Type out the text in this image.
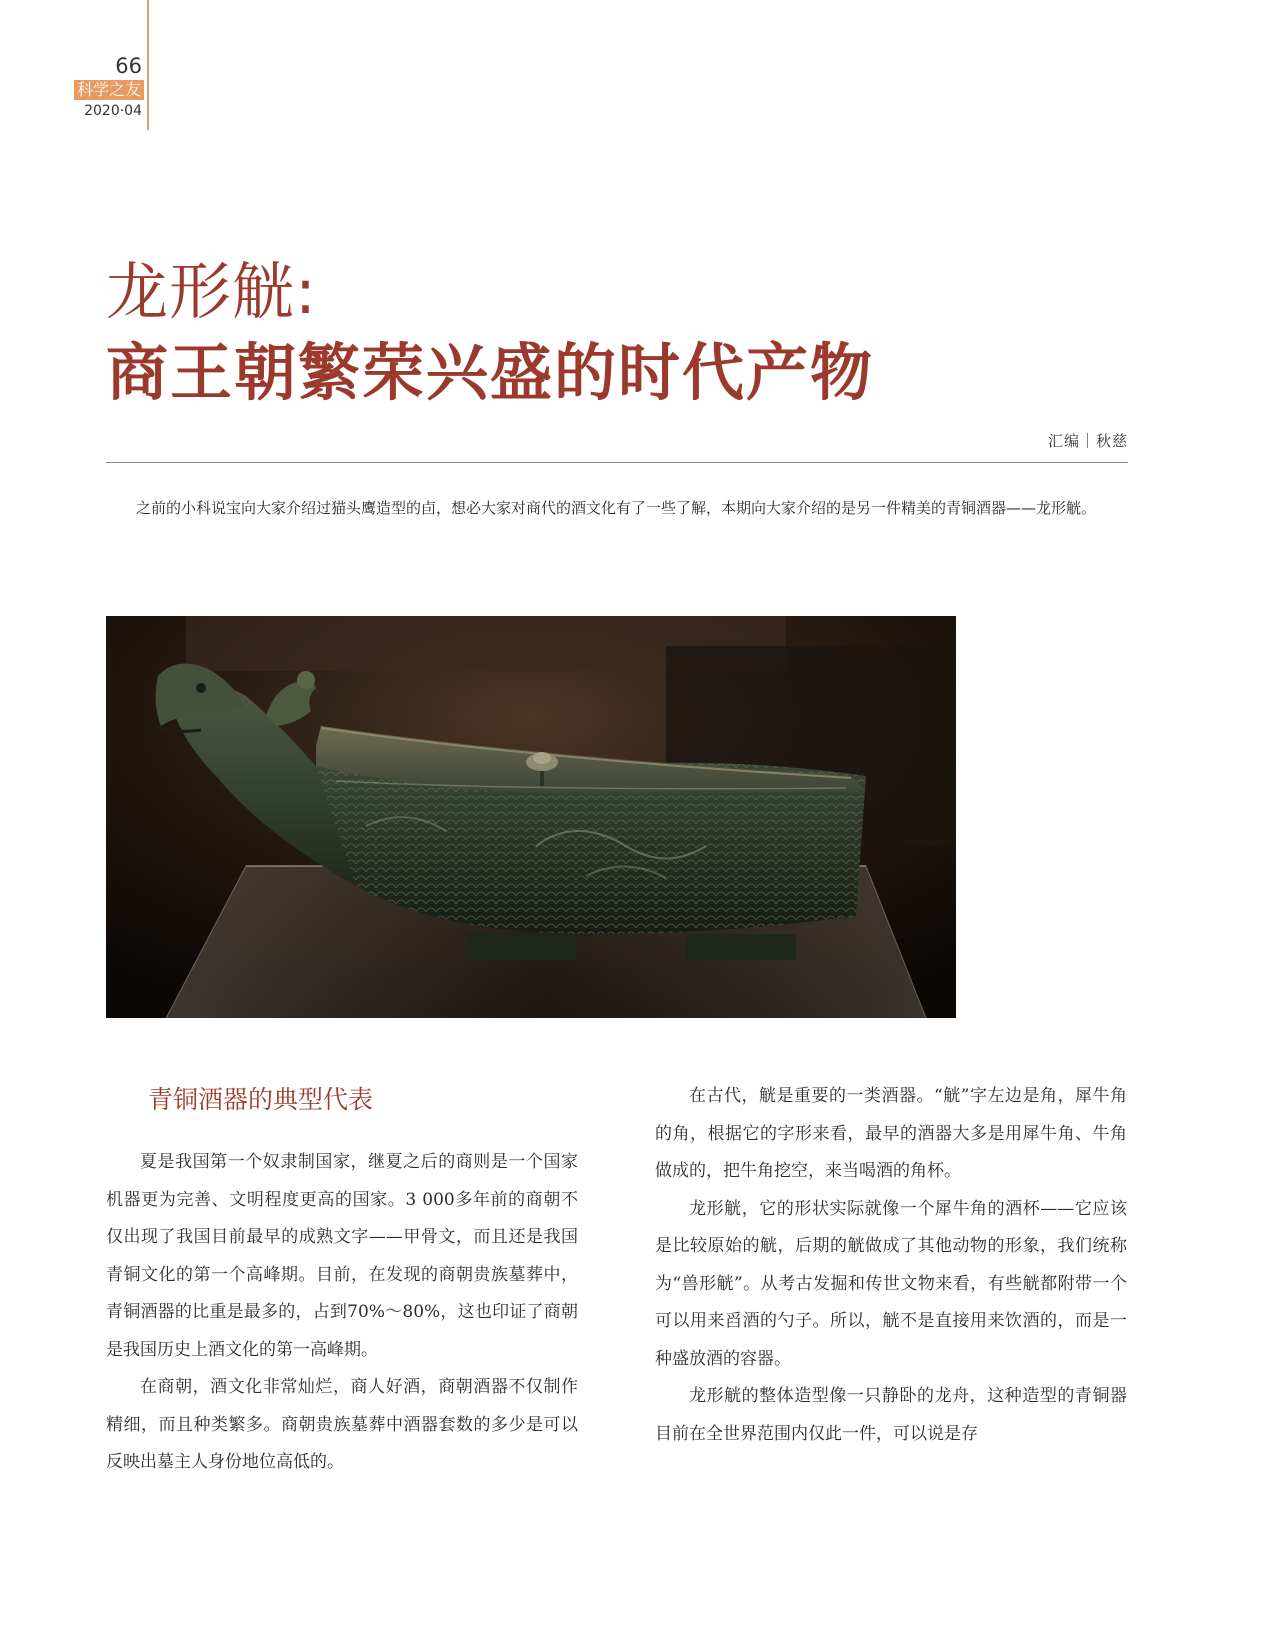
66
科学之友
2020·04
龙形觥:
商王朝繁荣兴盛的时代产物
汇编｜秋慈

之前的小科说宝向大家介绍过猫头鹰造型的卣，想必大家对商代的酒文化有了一些了解，本期向大家介绍的是另一件精美的青铜酒器——龙形觥。

青铜酒器的典型代表

夏是我国第一个奴隶制国家，继夏之后的商则是一个国家机器更为完善、文明程度更高的国家。3 000多年前的商朝不仅出现了我国目前最早的成熟文字——甲骨文，而且还是我国青铜文化的第一个高峰期。目前，在发现的商朝贵族墓葬中，青铜酒器的比重是最多的，占到70%～80%，这也印证了商朝是我国历史上酒文化的第一高峰期。

在商朝，酒文化非常灿烂，商人好酒，商朝酒器不仅制作精细，而且种类繁多。商朝贵族墓葬中酒器套数的多少是可以反映出墓主人身份地位高低的。

在古代，觥是重要的一类酒器。“觥”字左边是角，犀牛角的角，根据它的字形来看，最早的酒器大多是用犀牛角、牛角做成的，把牛角挖空，来当喝酒的角杯。

龙形觥，它的形状实际就像一个犀牛角的酒杯——它应该是比较原始的觥，后期的觥做成了其他动物的形象，我们统称为“兽形觥”。从考古发掘和传世文物来看，有些觥都附带一个可以用来舀酒的勺子。所以，觥不是直接用来饮酒的，而是一种盛放酒的容器。

龙形觥的整体造型像一只静卧的龙舟，这种造型的青铜器目前在全世界范围内仅此一件，可以说是存
